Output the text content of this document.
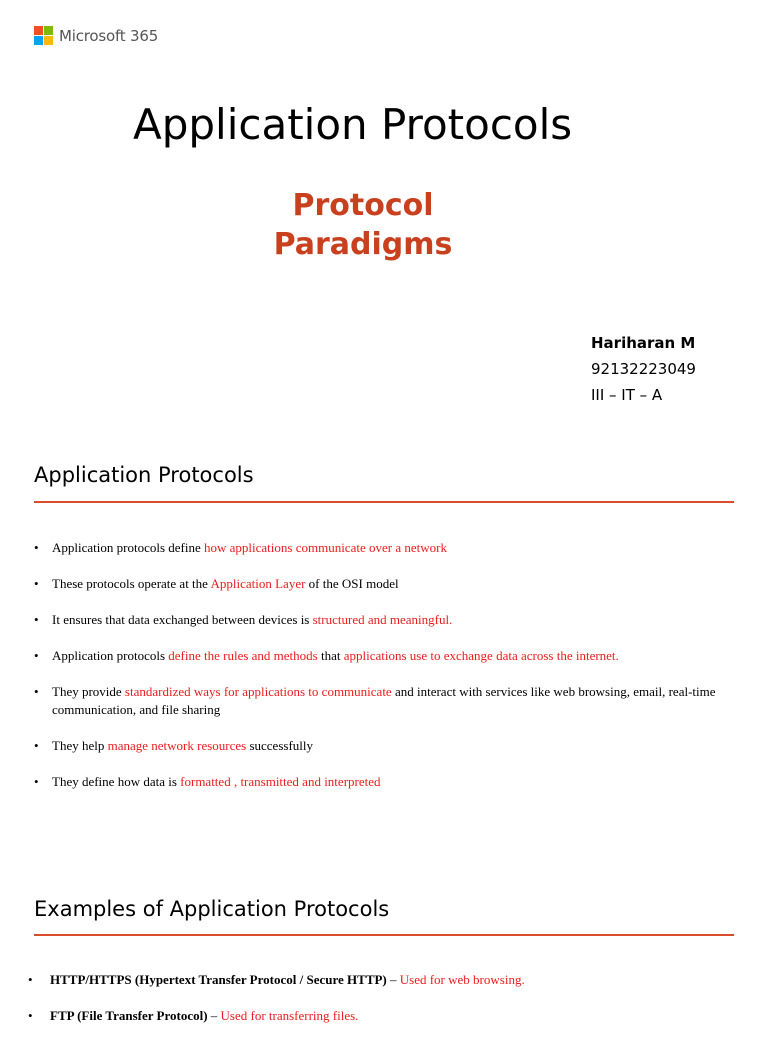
Microsoft 365
Application Protocols
Protocol
Paradigms
Hariharan M
92132223049
III – IT – A
Application Protocols
• Application protocols define how applications communicate over a network
• These protocols operate at the Application Layer of the OSI model
• It ensures that data exchanged between devices is structured and meaningful.
• Application protocols define the rules and methods that applications use to exchange data across the internet.
• They provide standardized ways for applications to communicate and interact with services like web browsing, email, real-time communication, and file sharing
• They help manage network resources successfully
• They define how data is formatted , transmitted and interpreted
Examples of Application Protocols
• HTTP/HTTPS (Hypertext Transfer Protocol / Secure HTTP) – Used for web browsing.
• FTP (File Transfer Protocol) – Used for transferring files.
